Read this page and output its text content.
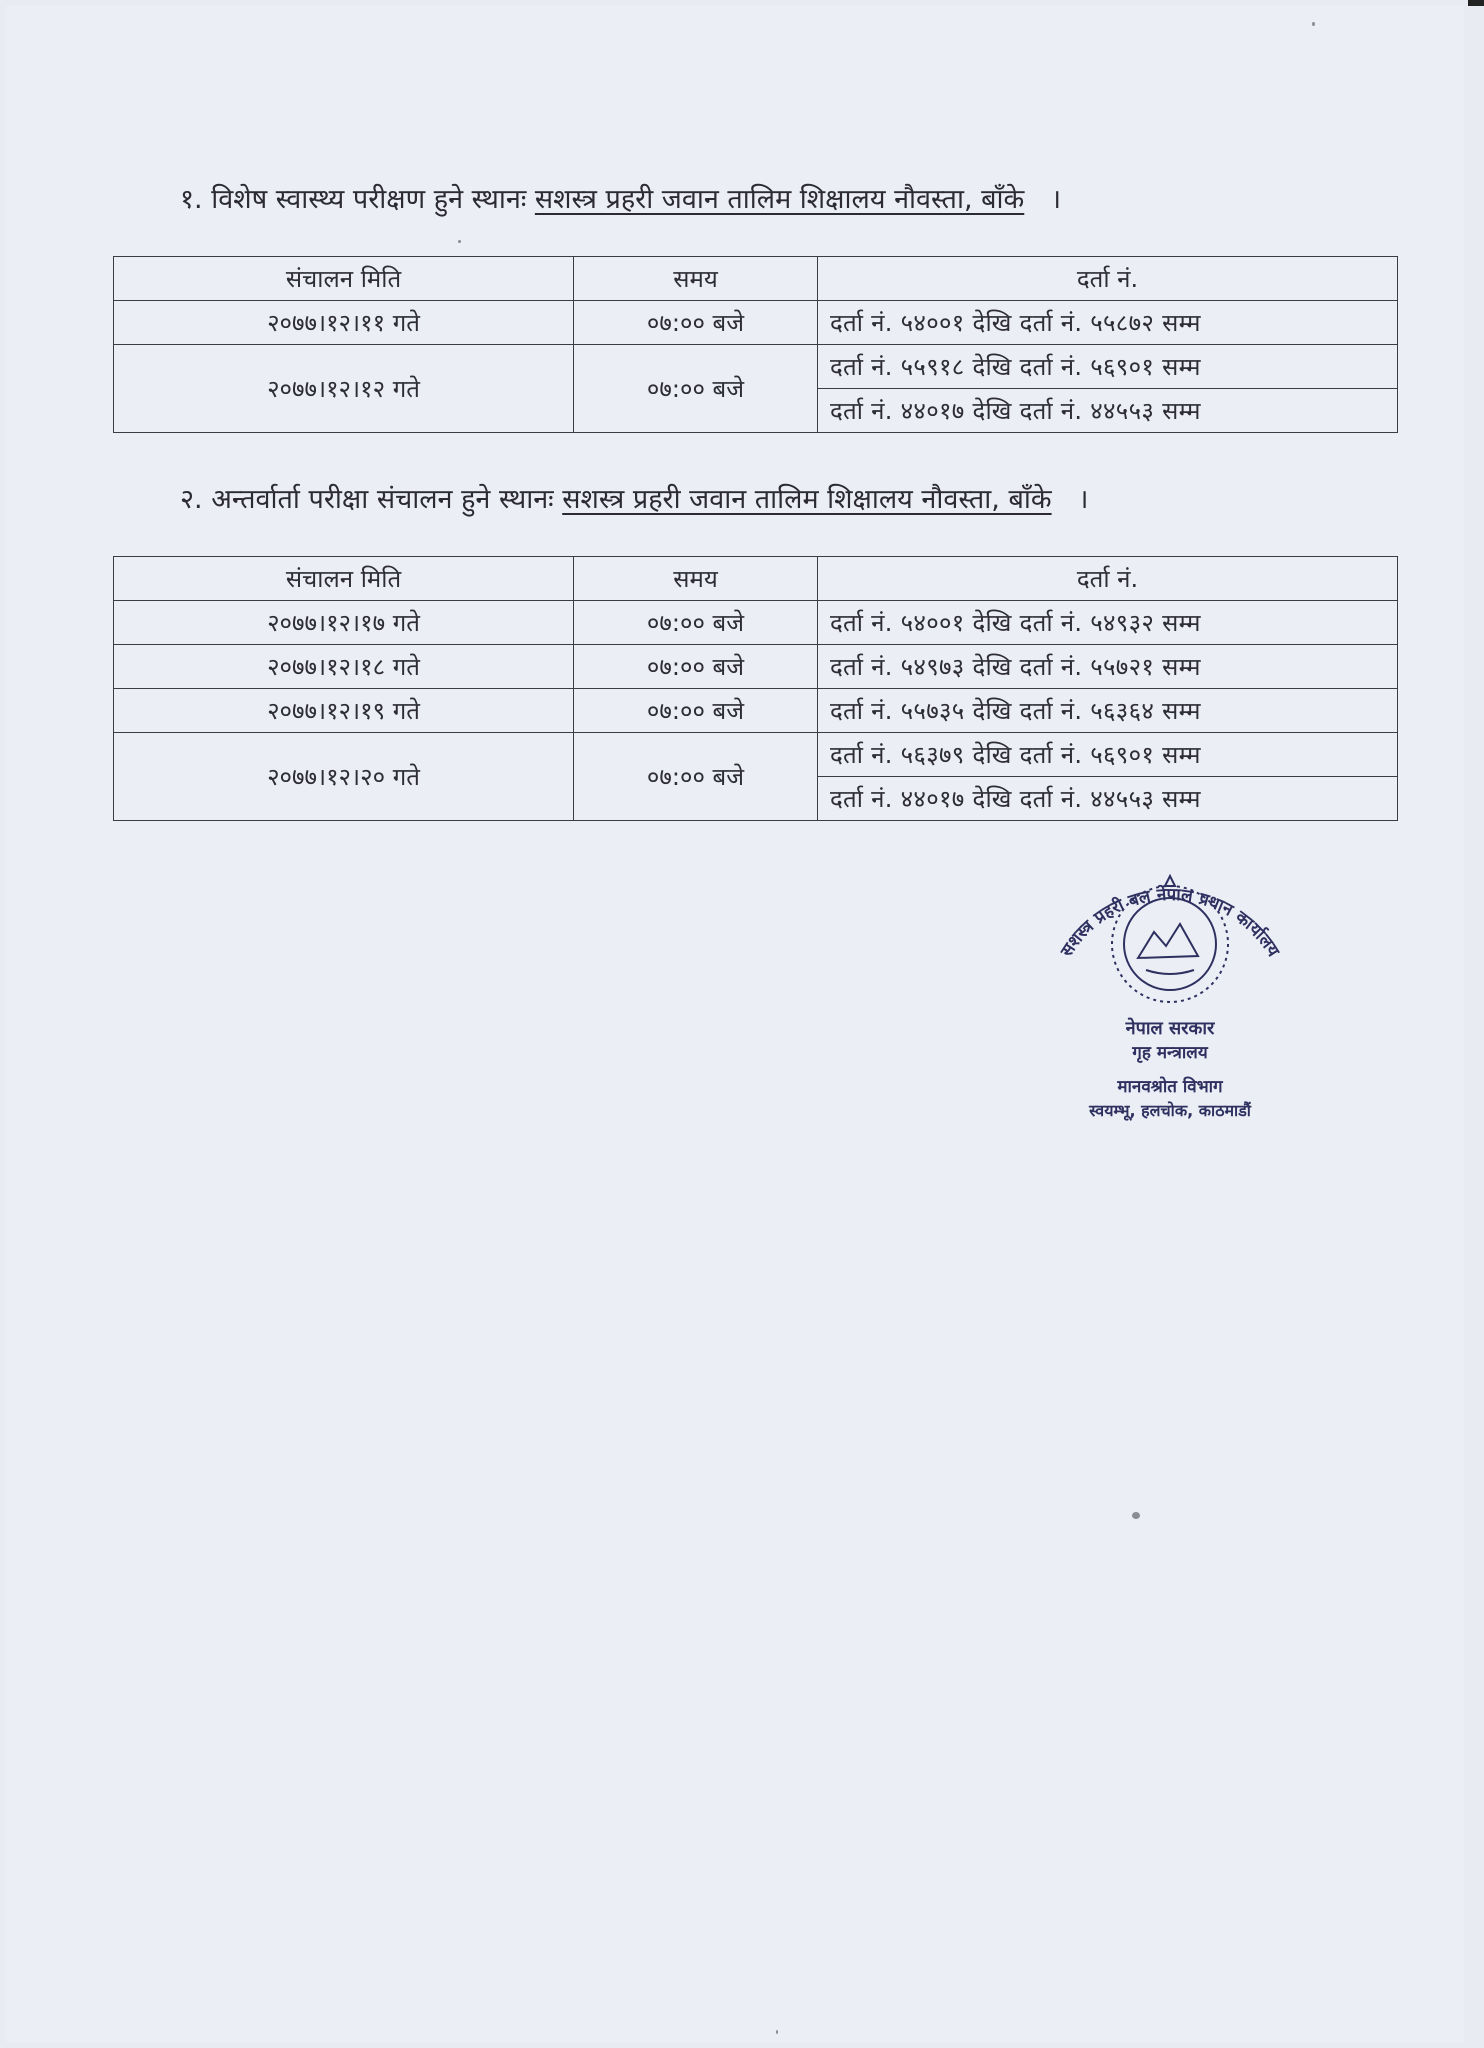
१. विशेष स्वास्थ्य परीक्षण हुने स्थानः सशस्त्र प्रहरी जवान तालिम शिक्षालय नौवस्ता, बाँके ।
संचालन मिति	समय	दर्ता नं.
२०७७।१२।११ गते	०७:०० बजे	दर्ता नं. ५४००१ देखि दर्ता नं. ५५८७२ सम्म
२०७७।१२।१२ गते	०७:०० बजे	दर्ता नं. ५५९१८ देखि दर्ता नं. ५६९०१ सम्म
		दर्ता नं. ४४०१७ देखि दर्ता नं. ४४५५३ सम्म
२. अन्तर्वार्ता परीक्षा संचालन हुने स्थानः सशस्त्र प्रहरी जवान तालिम शिक्षालय नौवस्ता, बाँके ।
संचालन मिति	समय	दर्ता नं.
२०७७।१२।१७ गते	०७:०० बजे	दर्ता नं. ५४००१ देखि दर्ता नं. ५४९३२ सम्म
२०७७।१२।१८ गते	०७:०० बजे	दर्ता नं. ५४९७३ देखि दर्ता नं. ५५७२१ सम्म
२०७७।१२।१९ गते	०७:०० बजे	दर्ता नं. ५५७३५ देखि दर्ता नं. ५६३६४ सम्म
२०७७।१२।२० गते	०७:०० बजे	दर्ता नं. ५६३७९ देखि दर्ता नं. ५६९०१ सम्म
		दर्ता नं. ४४०१७ देखि दर्ता नं. ४४५५३ सम्म
सशस्त्र प्रहरी बल नेपाल प्रधान कार्यालय
नेपाल सरकार
गृह मन्त्रालय
मानवश्रोत विभाग
स्वयम्भू, हलचोक, काठमाडौं
